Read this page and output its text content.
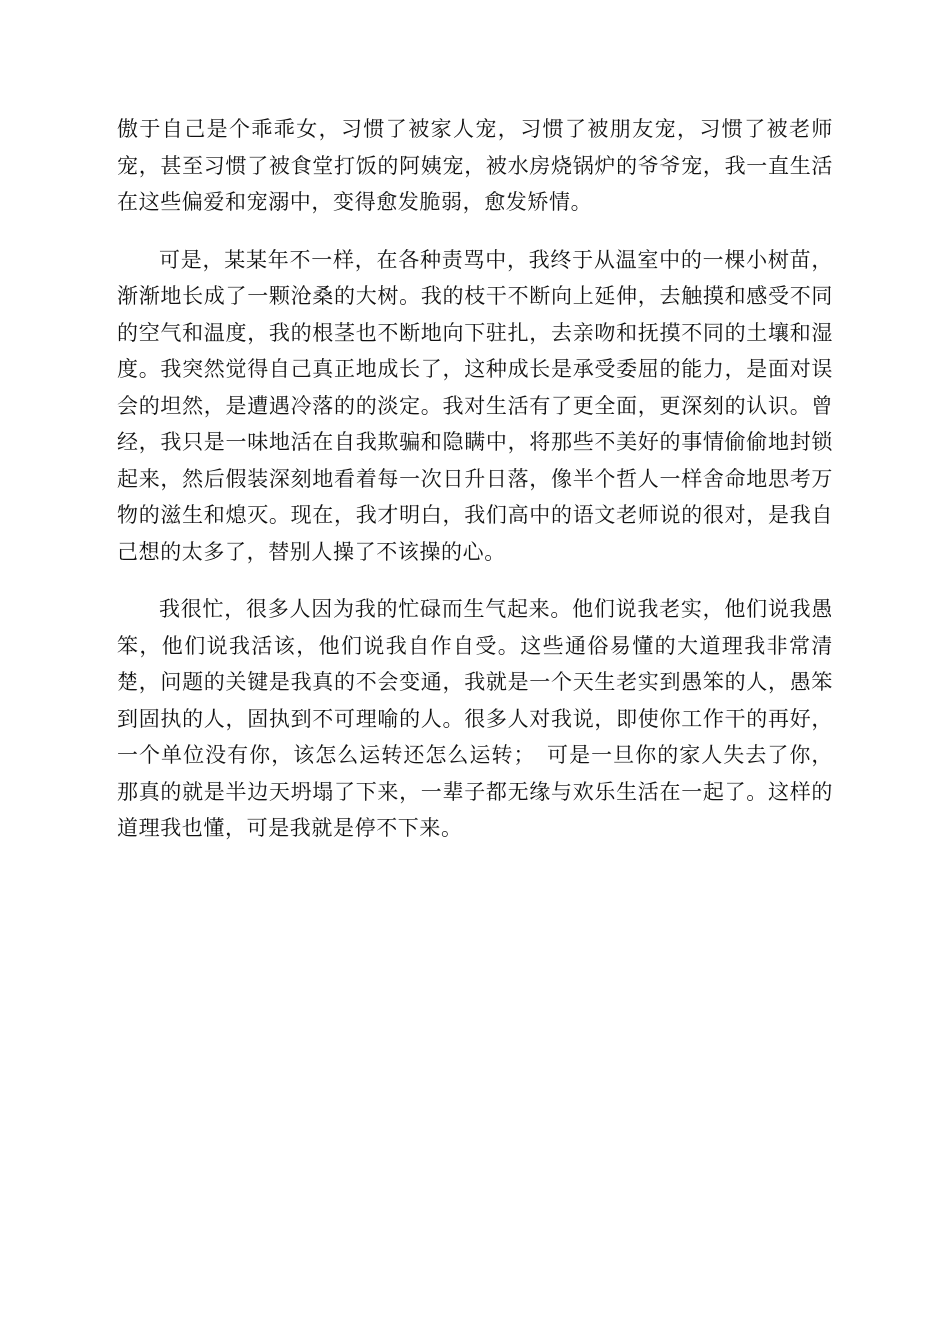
傲于自己是个乖乖女，习惯了被家人宠，习惯了被朋友宠，习惯了被老师宠，甚至习惯了被食堂打饭的阿姨宠，被水房烧锅炉的爷爷宠，我一直生活在这些偏爱和宠溺中，变得愈发脆弱，愈发矫情。

可是，某某年不一样，在各种责骂中，我终于从温室中的一棵小树苗，渐渐地长成了一颗沧桑的大树。我的枝干不断向上延伸，去触摸和感受不同的空气和温度，我的根茎也不断地向下驻扎，去亲吻和抚摸不同的土壤和湿度。我突然觉得自己真正地成长了，这种成长是承受委屈的能力，是面对误会的坦然，是遭遇冷落的的淡定。我对生活有了更全面，更深刻的认识。曾经，我只是一味地活在自我欺骗和隐瞒中，将那些不美好的事情偷偷地封锁起来，然后假装深刻地看着每一次日升日落，像半个哲人一样舍命地思考万物的滋生和熄灭。现在，我才明白，我们高中的语文老师说的很对，是我自己想的太多了，替别人操了不该操的心。

我很忙，很多人因为我的忙碌而生气起来。他们说我老实，他们说我愚笨，他们说我活该，他们说我自作自受。这些通俗易懂的大道理我非常清楚，问题的关键是我真的不会变通，我就是一个天生老实到愚笨的人，愚笨到固执的人，固执到不可理喻的人。很多人对我说，即使你工作干的再好，一个单位没有你，该怎么运转还怎么运转；　可是一旦你的家人失去了你，那真的就是半边天坍塌了下来，一辈子都无缘与欢乐生活在一起了。这样的道理我也懂，可是我就是停不下来。
